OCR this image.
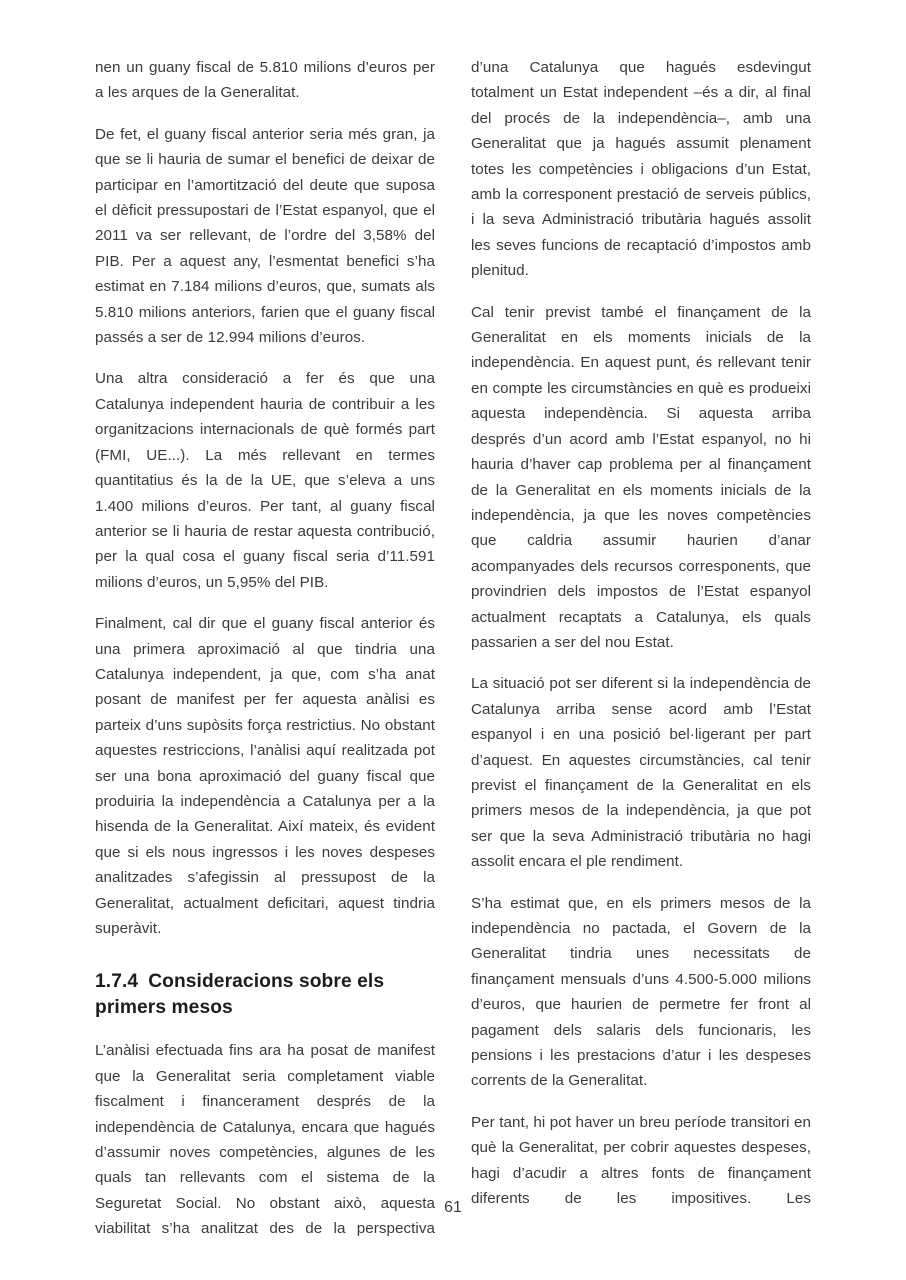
nen un guany fiscal de 5.810 milions d’euros per a les arques de la Generalitat.

De fet, el guany fiscal anterior seria més gran, ja que se li hauria de sumar el benefici de deixar de participar en l’amortització del deute que suposa el dèficit pressupostari de l’Estat espanyol, que el 2011 va ser rellevant, de l’ordre del 3,58% del PIB. Per a aquest any, l’esmentat benefici s’ha estimat en 7.184 milions d’euros, que, sumats als 5.810 milions anteriors, farien que el guany fiscal passés a ser de 12.994 milions d’euros.

Una altra consideració a fer és que una Catalunya independent hauria de contribuir a les organitzacions internacionals de què formés part (FMI, UE...). La més rellevant en termes quantitatius és la de la UE, que s’eleva a uns 1.400 milions d’euros. Per tant, al guany fiscal anterior se li hauria de restar aquesta contribució, per la qual cosa el guany fiscal seria d’11.591 milions d’euros, un 5,95% del PIB.

Finalment, cal dir que el guany fiscal anterior és una primera aproximació al que tindria una Catalunya independent, ja que, com s’ha anat posant de manifest per fer aquesta anàlisi es parteix d’uns supòsits força restrictius. No obstant aquestes restriccions, l’anàlisi aquí realitzada pot ser una bona aproximació del guany fiscal que produiria la independència a Catalunya per a la hisenda de la Generalitat. Així mateix, és evident que si els nous ingressos i les noves despeses analitzades s’afegissin al pressupost de la Generalitat, actualment deficitari, aquest tindria superàvit.

1.7.4 Consideracions sobre els primers mesos

L’anàlisi efectuada fins ara ha posat de manifest que la Generalitat seria completament viable fiscalment i financerament després de la independència de Catalunya, encara que hagués d’assumir noves competències, algunes de les quals tan rellevants com el sistema de la Seguretat Social. No obstant això, aquesta viabilitat s’ha analitzat des de la perspectiva

d’una Catalunya que hagués esdevingut totalment un Estat independent –és a dir, al final del procés de la independència–, amb una Generalitat que ja hagués assumit plenament totes les competències i obligacions d’un Estat, amb la corresponent prestació de serveis públics, i la seva Administració tributària hagués assolit les seves funcions de recaptació d’impostos amb plenitud.

Cal tenir previst també el finançament de la Generalitat en els moments inicials de la independència. En aquest punt, és rellevant tenir en compte les circumstàncies en què es produeixi aquesta independència. Si aquesta arriba després d’un acord amb l’Estat espanyol, no hi hauria d’haver cap problema per al finançament de la Generalitat en els moments inicials de la independència, ja que les noves competències que caldria assumir haurien d’anar acompanyades dels recursos corresponents, que provindrien dels impostos de l’Estat espanyol actualment recaptats a Catalunya, els quals passarien a ser del nou Estat.

La situació pot ser diferent si la independència de Catalunya arriba sense acord amb l’Estat espanyol i en una posició bel·ligerant per part d’aquest. En aquestes circumstàncies, cal tenir previst el finançament de la Generalitat en els primers mesos de la independència, ja que pot ser que la seva Administració tributària no hagi assolit encara el ple rendiment.

S’ha estimat que, en els primers mesos de la independència no pactada, el Govern de la Generalitat tindria unes necessitats de finançament mensuals d’uns 4.500-5.000 milions d’euros, que haurien de permetre fer front al pagament dels salaris dels funcionaris, les pensions i les prestacions d’atur i les despeses corrents de la Generalitat.

Per tant, hi pot haver un breu període transitori en què la Generalitat, per cobrir aquestes despeses, hagi d’acudir a altres fonts de finançament diferents de les impositives. Les

61
